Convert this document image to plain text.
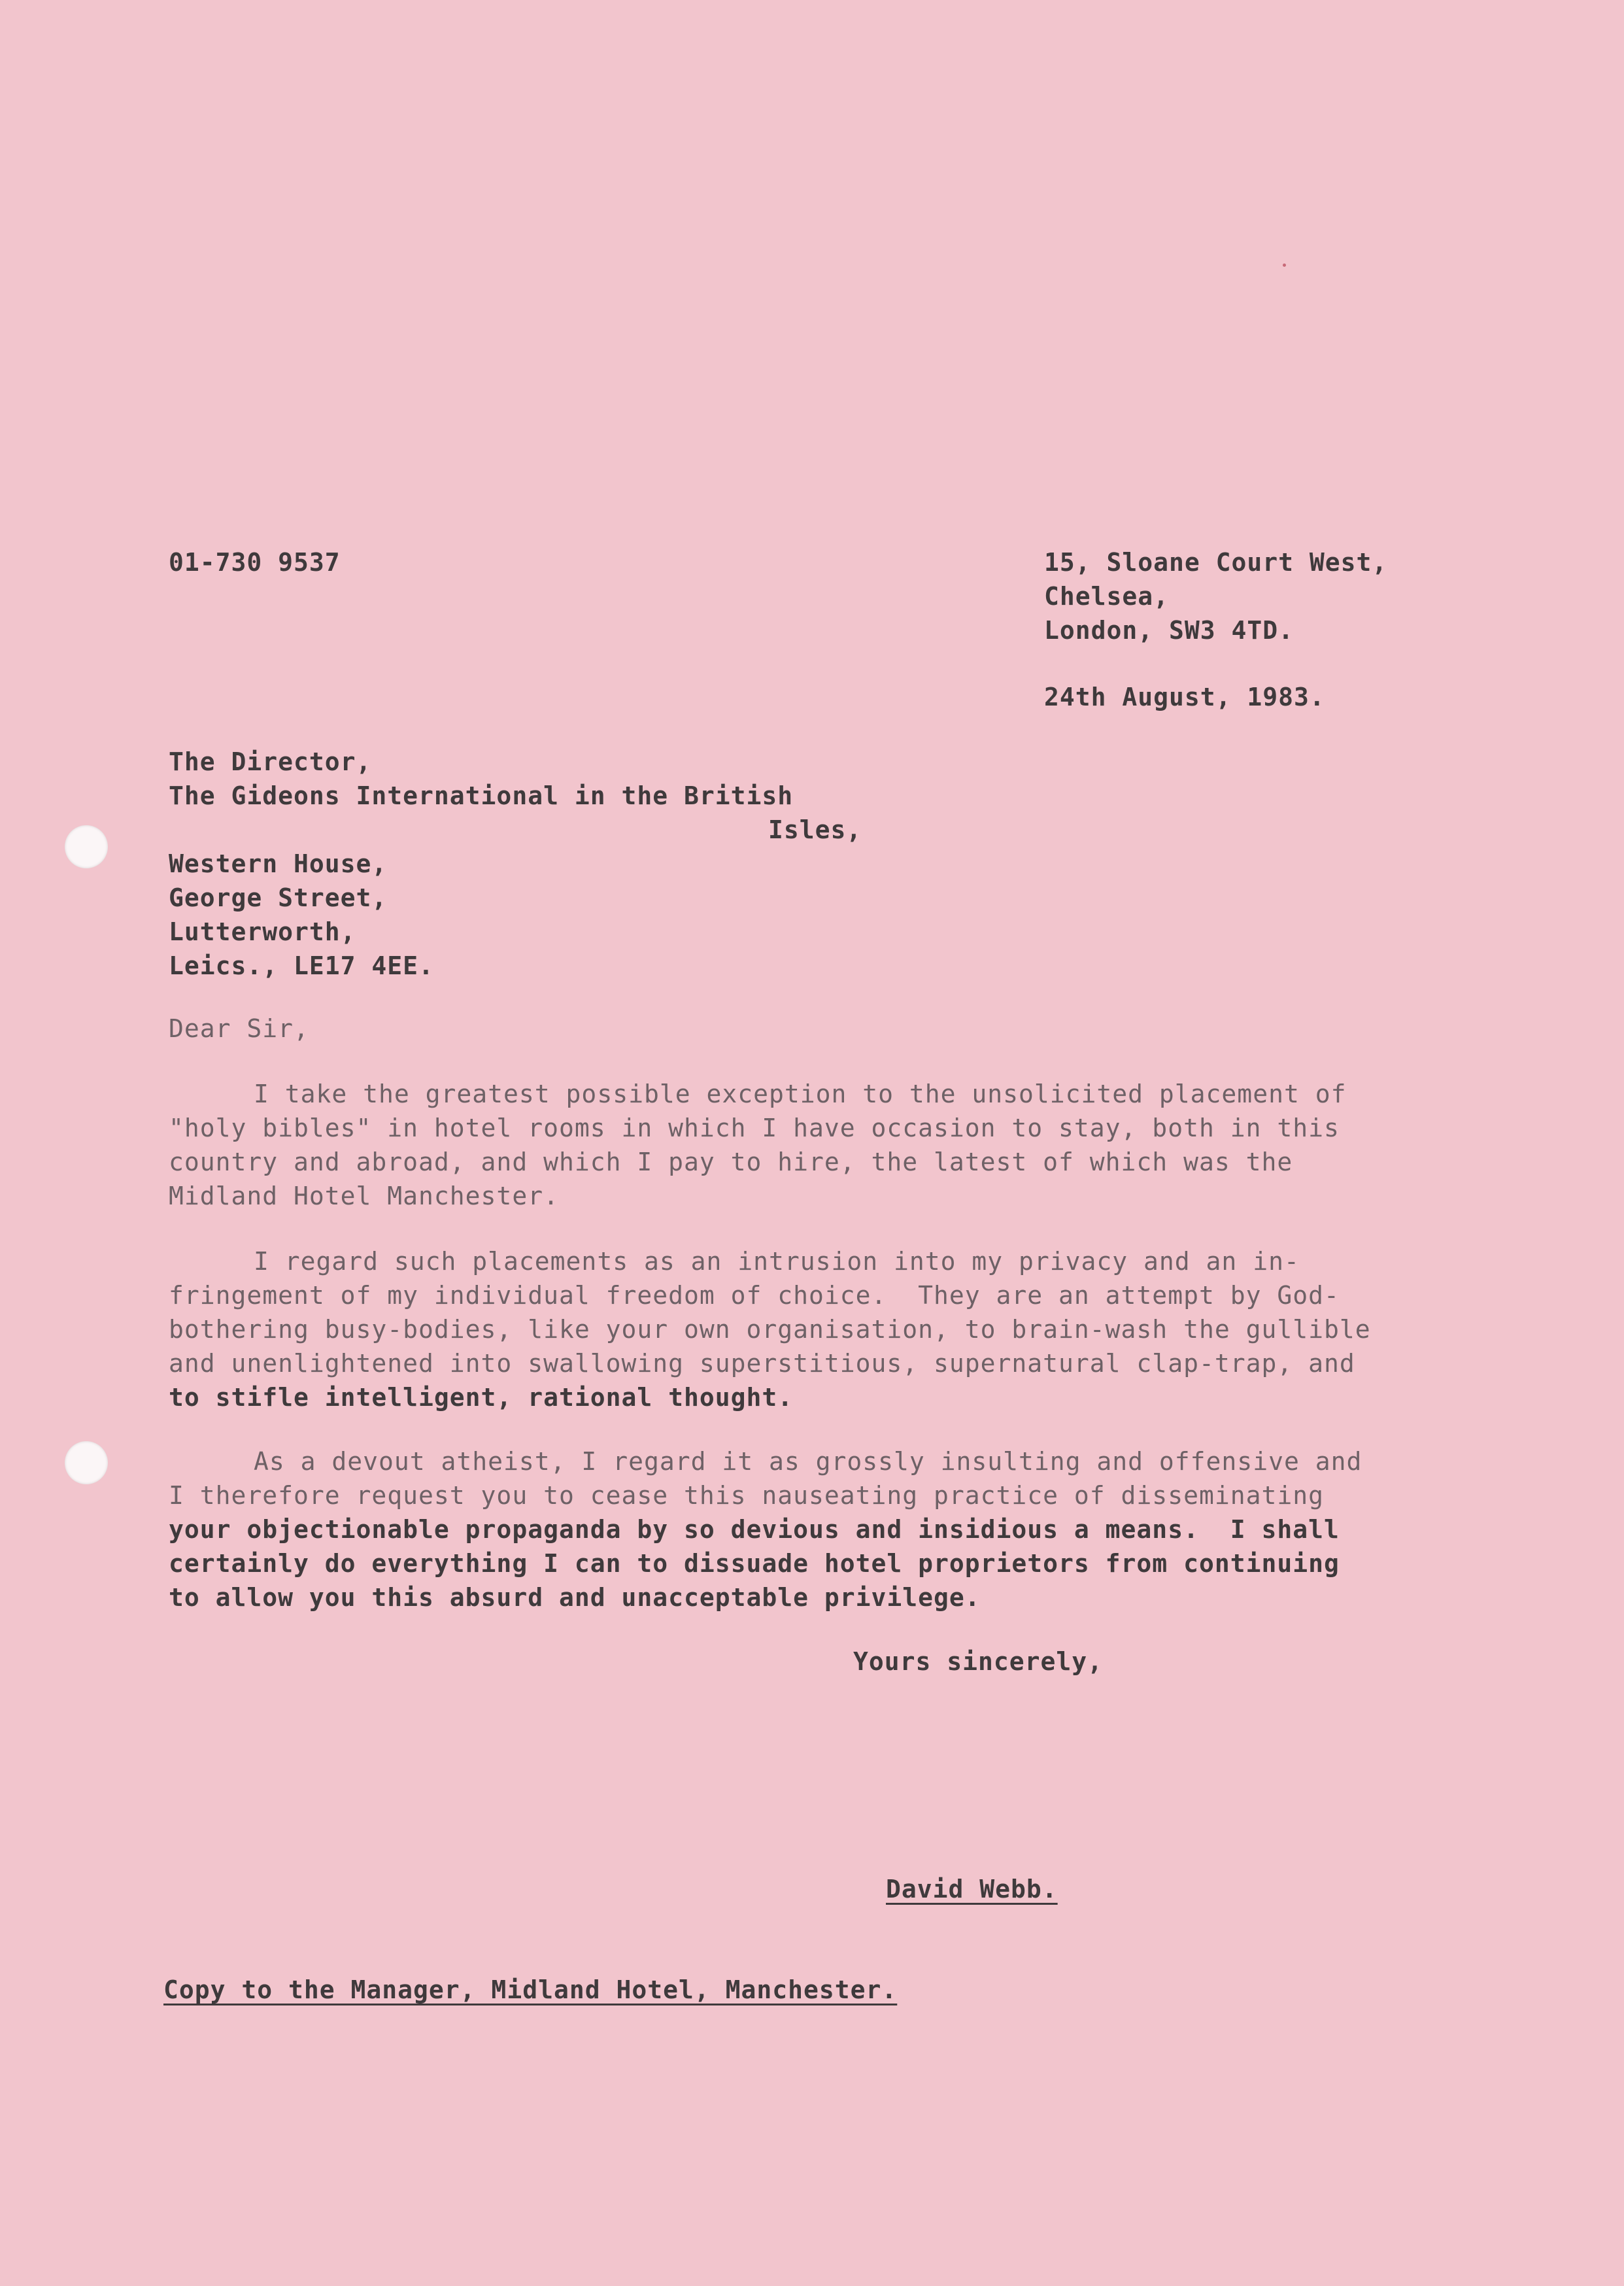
01-730 9537	15, Sloane Court West,
Chelsea,
London, SW3 4TD.
24th August, 1983.
The Director,
The Gideons International in the British
Isles,
Western House,
George Street,
Lutterworth,
Leics., LE17 4EE.
Dear Sir,
I take the greatest possible exception to the unsolicited placement of
"holy bibles" in hotel rooms in which I have occasion to stay, both in this
country and abroad, and which I pay to hire, the latest of which was the
Midland Hotel Manchester.
I regard such placements as an intrusion into my privacy and an in-
fringement of my individual freedom of choice.  They are an attempt by God-
bothering busy-bodies, like your own organisation, to brain-wash the gullible
and unenlightened into swallowing superstitious, supernatural clap-trap, and
to stifle intelligent, rational thought.
As a devout atheist, I regard it as grossly insulting and offensive and
I therefore request you to cease this nauseating practice of disseminating
your objectionable propaganda by so devious and insidious a means.  I shall
certainly do everything I can to dissuade hotel proprietors from continuing
to allow you this absurd and unacceptable privilege.
Yours sincerely,
David Webb.
Copy to the Manager, Midland Hotel, Manchester.
